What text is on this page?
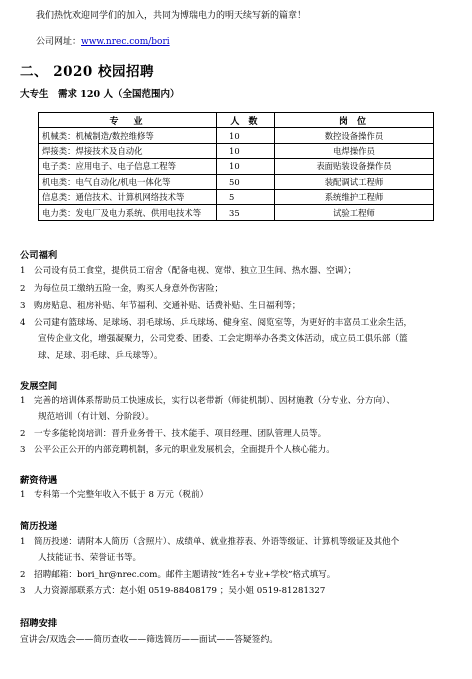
我们热忱欢迎同学们的加入，共同为博瑞电力的明天续写新的篇章！
公司网址：www.nrec.com/bori
二、 2020 校园招聘
大专生　需求 120 人（全国范围内）
专　业	人 数	岗 位
机械类：机械制造/数控维修等	10	数控设备操作员
焊接类：焊接技术及自动化	10	电焊操作员
电子类：应用电子、电子信息工程等	10	表面贴装设备操作员
机电类：电气自动化/机电一体化等	50	装配调试工程师
信息类：通信技术、计算机网络技术等	5	系统维护工程师
电力类：发电厂及电力系统、供用电技术等	35	试验工程师
公司福利
1 公司设有员工食堂，提供员工宿舍（配备电视、宽带、独立卫生间、热水器、空调）；
2 为每位员工缴纳五险一金，购买人身意外伤害险；
3 购房贴息、租房补贴、年节福利、交通补贴、话费补贴、生日福利等；
4 公司建有篮球场、足球场、羽毛球场、乒乓球场、健身室、阅览室等，为更好的丰富员工业余生活，
宣传企业文化，增强凝聚力，公司党委、团委、工会定期举办各类文体活动，成立员工俱乐部（篮
球、足球、羽毛球、乒乓球等）。
发展空间
1 完善的培训体系帮助员工快速成长，实行以老带新（师徒机制）、因材施教（分专业、分方向）、
规范培训（有计划、分阶段）。
2 一专多能轮岗培训：晋升业务骨干、技术能手、项目经理、团队管理人员等。
3 公平公正公开的内部竞聘机制，多元的职业发展机会，全面提升个人核心能力。
薪资待遇
1 专科第一个完整年收入不低于 8 万元（税前）
简历投递
1 简历投递：请附本人简历（含照片）、成绩单、就业推荐表、外语等级证、计算机等级证及其他个
人技能证书、荣誉证书等。
2 招聘邮箱：bori_hr@nrec.com。邮件主题请按“姓名+专业+学校”格式填写。
3 人力资源部联系方式：赵小姐 0519-88408179 ；吴小姐 0519-81281327
招聘安排
宣讲会/双选会——简历查收——筛选简历——面试——答疑签约。
